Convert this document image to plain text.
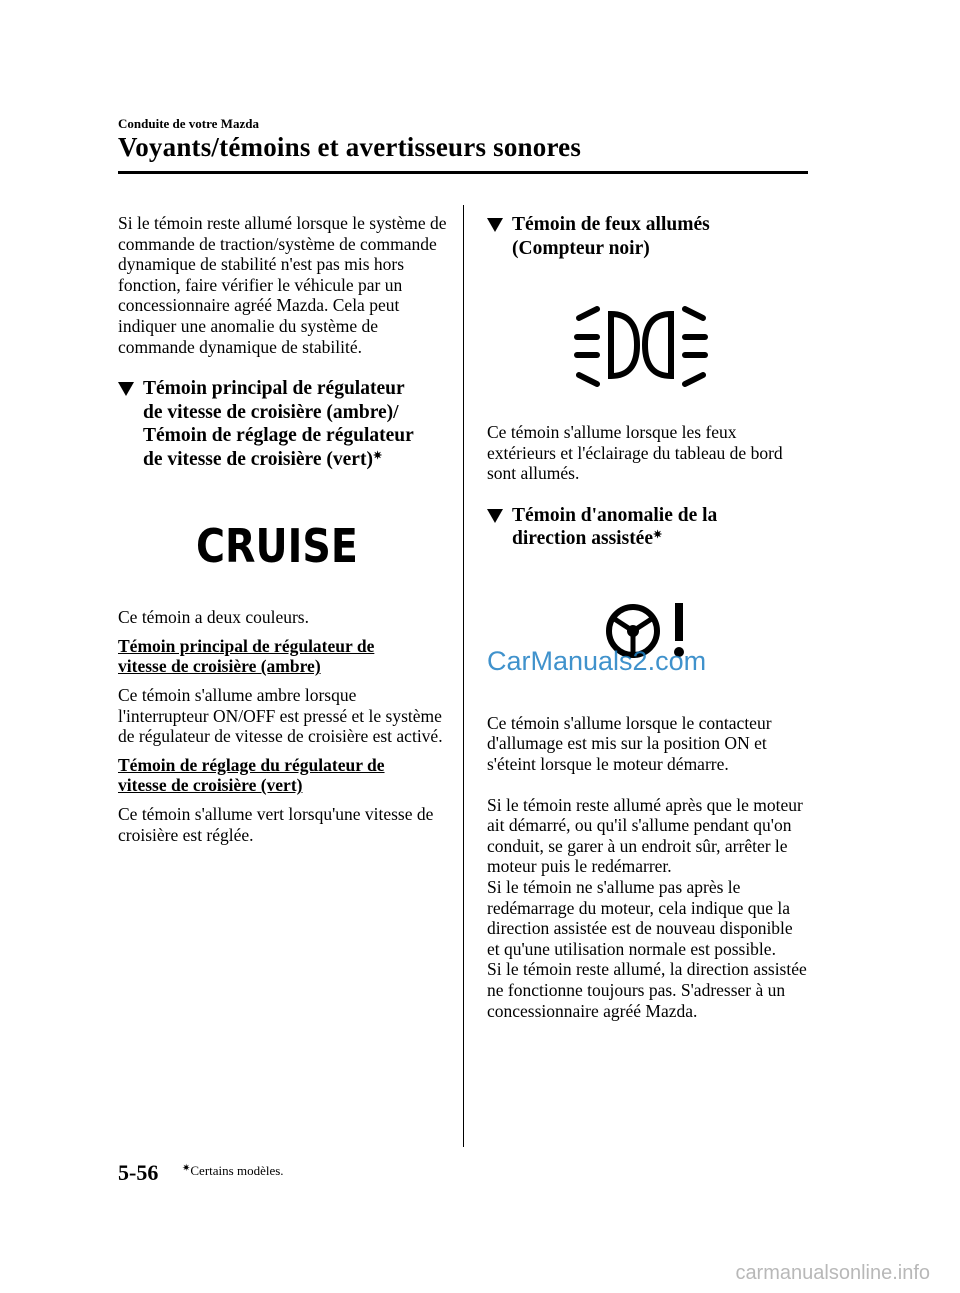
Conduite de votre Mazda
Voyants/témoins et avertisseurs sonores

Si le témoin reste allumé lorsque le système de commande de traction/système de commande dynamique de stabilité n'est pas mis hors fonction, faire vérifier le véhicule par un concessionnaire agréé Mazda. Cela peut indiquer une anomalie du système de commande dynamique de stabilité.

Témoin principal de régulateur
de vitesse de croisière (ambre)/
Témoin de réglage de régulateur
de vitesse de croisière (vert)✷
CRUISE

Ce témoin a deux couleurs.

Témoin principal de régulateur de
vitesse de croisière (ambre)

Ce témoin s'allume ambre lorsque l'interrupteur ON/OFF est pressé et le système de régulateur de vitesse de croisière est activé.

Témoin de réglage du régulateur de
vitesse de croisière (vert)

Ce témoin s'allume vert lorsqu'une vitesse de croisière est réglée.

Témoin de feux allumés
(Compteur noir)

Ce témoin s'allume lorsque les feux extérieurs et l'éclairage du tableau de bord sont allumés.

Témoin d'anomalie de la
direction assistée✷
CarManuals2.com

Ce témoin s'allume lorsque le contacteur d'allumage est mis sur la position ON et s'éteint lorsque le moteur démarre.

Si le témoin reste allumé après que le moteur ait démarré, ou qu'il s'allume pendant qu'on conduit, se garer à un endroit sûr, arrêter le moteur puis le redémarrer.

Si le témoin ne s'allume pas après le redémarrage du moteur, cela indique que la direction assistée est de nouveau disponible et qu'une utilisation normale est possible.

Si le témoin reste allumé, la direction assistée ne fonctionne toujours pas. S'adresser à un concessionnaire agréé Mazda.

5-56 ✷Certains modèles.
carmanualsonline.info
